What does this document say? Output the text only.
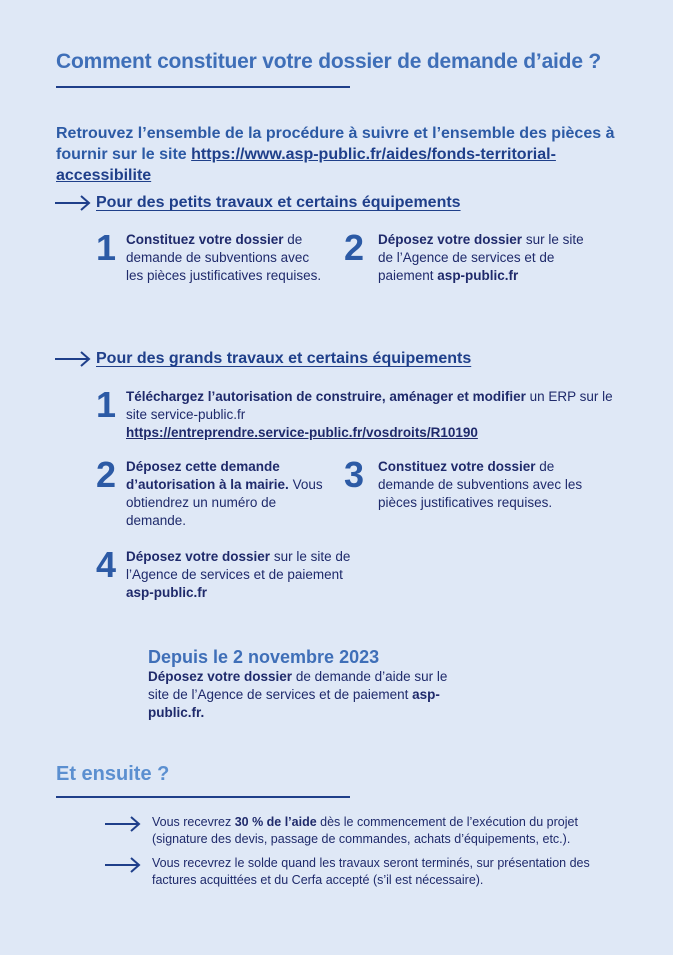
Comment constituer votre dossier de demande d’aide ?
Retrouvez l’ensemble de la procédure à suivre et l’ensemble des pièces à fournir sur le site https://www.asp-public.fr/aides/fonds-territorial-accessibilite
Pour des petits travaux et certains équipements
1 Constituez votre dossier de demande de subventions avec les pièces justificatives requises.
2	Déposez votre dossier sur le site de l’Agence de services et de paiement asp-public.fr
Pour des grands travaux et certains équipements
1 Téléchargez l’autorisation de construire, aménager et modifier un ERP sur le site service-public.fr
https://entreprendre.service-public.fr/vosdroits/R10190
2 Déposez cette demande d’autorisation à la mairie. Vous obtiendrez un numéro de demande.
3	Constituez votre dossier de demande de subventions avec les pièces justificatives requises.
4 Déposez votre dossier sur le site de l’Agence de services et de paiement asp-public.fr
Depuis le 2 novembre 2023
Déposez votre dossier de demande d’aide sur le site de l’Agence de services et de paiement asp-public.fr.
Et ensuite ?
Vous recevrez 30 % de l’aide dès le commencement de l’exécution du projet (signature des devis, passage de commandes, achats d’équipements, etc.).
Vous recevrez le solde quand les travaux seront terminés, sur présentation des factures acquittées et du Cerfa accepté (s’il est nécessaire).
